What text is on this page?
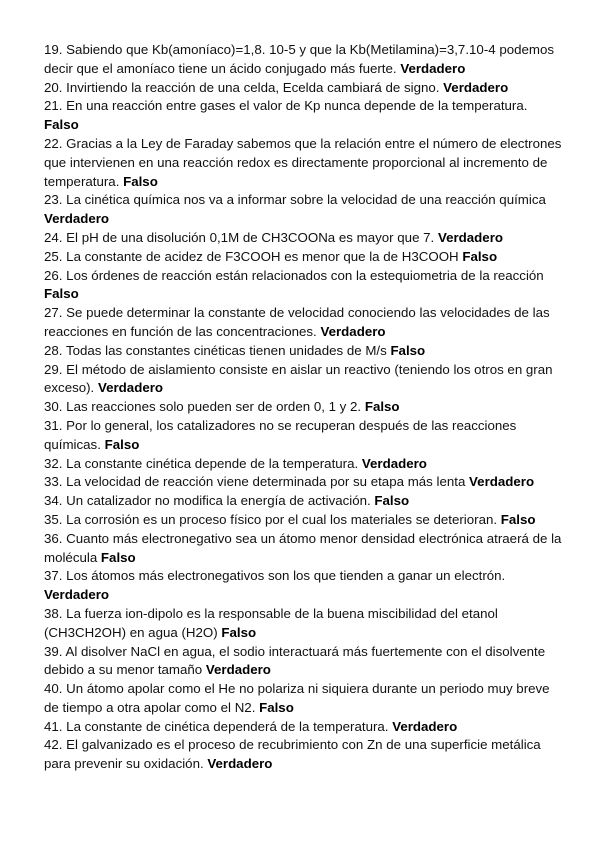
19. Sabiendo que Kb(amoníaco)=1,8. 10-5 y que la Kb(Metilamina)=3,7.10-4 podemos decir que el amoníaco tiene un ácido conjugado más fuerte. Verdadero

20. Invirtiendo la reacción de una celda, Ecelda cambiará de signo. Verdadero

21. En una reacción entre gases el valor de Kp nunca depende de la temperatura. Falso

22. Gracias a la Ley de Faraday sabemos que la relación entre el número de electrones que intervienen en una reacción redox es directamente proporcional al incremento de temperatura. Falso

23. La cinética química nos va a informar sobre la velocidad de una reacción química Verdadero

24. El pH de una disolución 0,1M de CH3COONa es mayor que 7. Verdadero

25. La constante de acidez de F3COOH es menor que la de H3COOH Falso

26. Los órdenes de reacción están relacionados con la estequiometria de la reacción Falso

27. Se puede determinar la constante de velocidad conociendo las velocidades de las reacciones en función de las concentraciones. Verdadero

28. Todas las constantes cinéticas tienen unidades de M/s Falso

29. El método de aislamiento consiste en aislar un reactivo (teniendo los otros en gran exceso). Verdadero

30. Las reacciones solo pueden ser de orden 0, 1 y 2. Falso

31. Por lo general, los catalizadores no se recuperan después de las reacciones químicas. Falso

32. La constante cinética depende de la temperatura. Verdadero

33. La velocidad de reacción viene determinada por su etapa más lenta Verdadero

34. Un catalizador no modifica la energía de activación. Falso

35. La corrosión es un proceso físico por el cual los materiales se deterioran. Falso

36. Cuanto más electronegativo sea un átomo menor densidad electrónica atraerá de la molécula Falso

37. Los átomos más electronegativos son los que tienden a ganar un electrón. Verdadero

38. La fuerza ion-dipolo es la responsable de la buena miscibilidad del etanol (CH3CH2OH) en agua (H2O) Falso

39. Al disolver NaCl en agua, el sodio interactuará más fuertemente con el disolvente debido a su menor tamaño Verdadero

40. Un átomo apolar como el He no polariza ni siquiera durante un periodo muy breve de tiempo a otra apolar como el N2. Falso

41. La constante de cinética dependerá de la temperatura. Verdadero

42. El galvanizado es el proceso de recubrimiento con Zn de una superficie metálica para prevenir su oxidación. Verdadero
